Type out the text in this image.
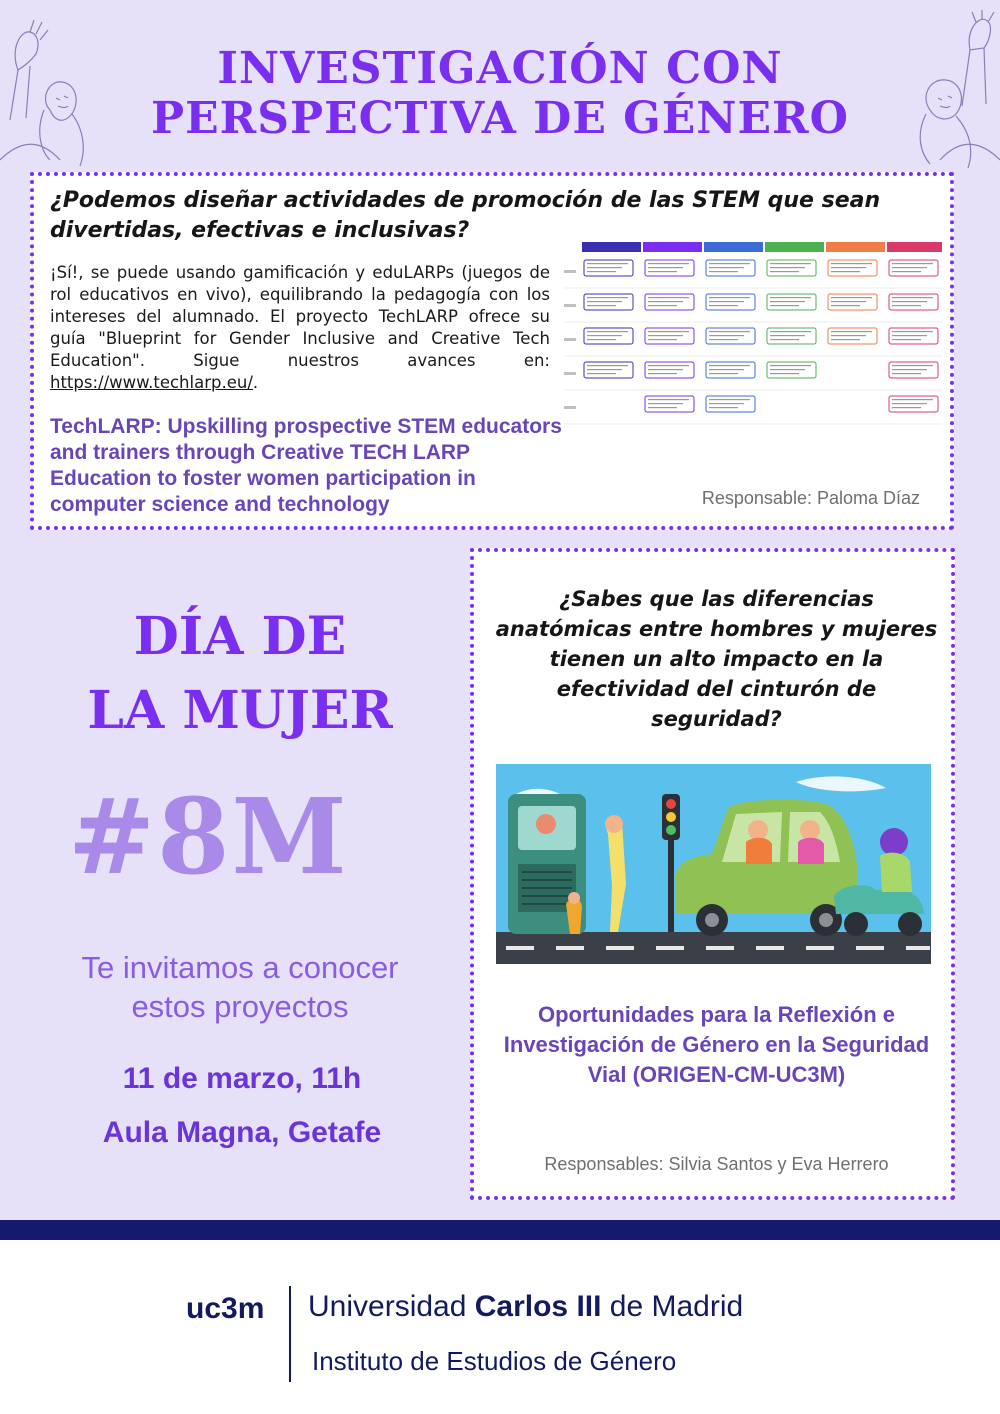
INVESTIGACIÓN CON
PERSPECTIVA DE GÉNERO
¿Podemos diseñar actividades de promoción de las STEM que sean divertidas, efectivas e inclusivas?
¡Sí!, se puede usando gamificación y eduLARPs (juegos de rol educativos en vivo), equilibrando la pedagogía con los intereses del alumnado. El proyecto TechLARP ofrece su guía "Blueprint for Gender Inclusive and Creative Tech Education". Sigue nuestros avances en: https://www.techlarp.eu/.
TechLARP: Upskilling prospective STEM educators and trainers through Creative TECH LARP Education to foster women participation in computer science and technology	Responsable: Paloma Díaz
DÍA DE
LA MUJER
#8M
Te invitamos a conocer
estos proyectos
11 de marzo, 11h
Aula Magna, Getafe
¿Sabes que las diferencias anatómicas entre hombres y mujeres tienen un alto impacto en la efectividad del cinturón de seguridad?
Oportunidades para la Reflexión e Investigación de Género en la Seguridad Vial (ORIGEN-CM-UC3M)
Responsables: Silvia Santos y Eva Herrero
uc3m Universidad Carlos III de Madrid
Instituto de Estudios de Género
